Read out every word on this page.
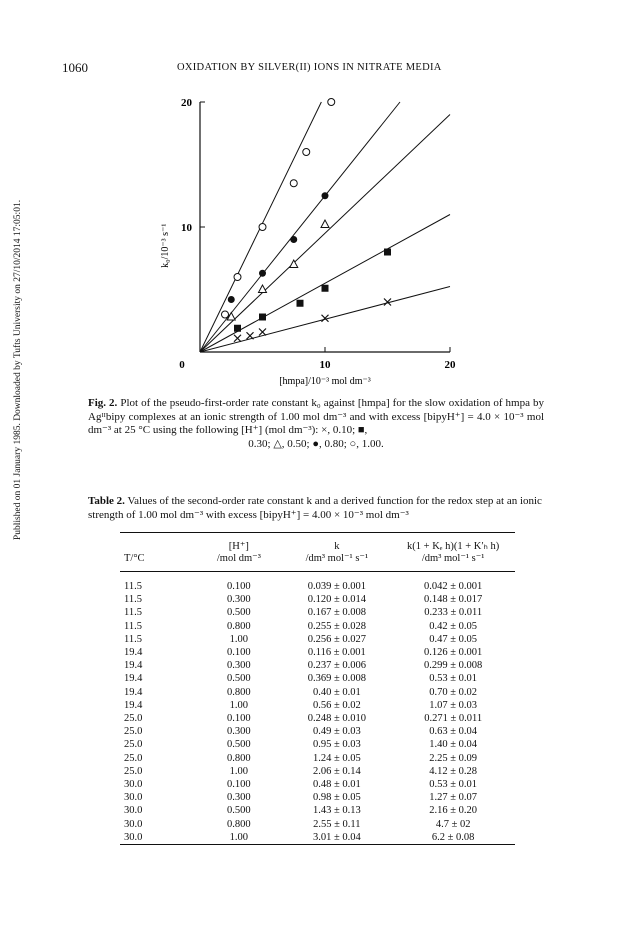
1060	OXIDATION BY SILVER(II) IONS IN NITRATE MEDIA
Published on 01 January 1985. Downloaded by Tufts University on 27/10/2014 17:05:01.	0	10	20
10
20
[hmpa]/10⁻³ mol dm⁻³
k₀/10⁻³ s⁻¹
Fig. 2. Plot of the pseudo-first-order rate constant k₀ against [hmpa] for the slow oxidation of hmpa by Agᴵᴵbipy complexes at an ionic strength of 1.00 mol dm⁻³ and with excess [bipyH⁺] = 4.0 × 10⁻³ mol dm⁻³ at 25 °C using the following [H⁺] (mol dm⁻³): ×, 0.10; ■,
0.30; △, 0.50; ●, 0.80; ○, 1.00.
Table 2. Values of the second-order rate constant k and a derived function for the redox step at an ionic strength of 1.00 mol dm⁻³ with excess [bipyH⁺] = 4.00 × 10⁻³ mol dm⁻³
	[H⁺]	k	k(1 + Kₑ h)(1 + K′ₕ h)
T/°C	/mol dm⁻³	/dm³ mol⁻¹ s⁻¹	/dm³ mol⁻¹ s⁻¹

11.5	0.100	0.039 ± 0.001	0.042 ± 0.001
11.5	0.300	0.120 ± 0.014	0.148 ± 0.017
11.5	0.500	0.167 ± 0.008	0.233 ± 0.011
11.5	0.800	0.255 ± 0.028	0.42 ± 0.05
11.5	1.00	0.256 ± 0.027	0.47 ± 0.05
19.4	0.100	0.116 ± 0.001	0.126 ± 0.001
19.4	0.300	0.237 ± 0.006	0.299 ± 0.008
19.4	0.500	0.369 ± 0.008	0.53 ± 0.01
19.4	0.800	0.40 ± 0.01	0.70 ± 0.02
19.4	1.00	0.56 ± 0.02	1.07 ± 0.03
25.0	0.100	0.248 ± 0.010	0.271 ± 0.011
25.0	0.300	0.49 ± 0.03	0.63 ± 0.04
25.0	0.500	0.95 ± 0.03	1.40 ± 0.04
25.0	0.800	1.24 ± 0.05	2.25 ± 0.09
25.0	1.00	2.06 ± 0.14	4.12 ± 0.28
30.0	0.100	0.48 ± 0.01	0.53 ± 0.01
30.0	0.300	0.98 ± 0.05	1.27 ± 0.07
30.0	0.500	1.43 ± 0.13	2.16 ± 0.20
30.0	0.800	2.55 ± 0.11	4.7 ± 02
30.0	1.00	3.01 ± 0.04	6.2 ± 0.08
